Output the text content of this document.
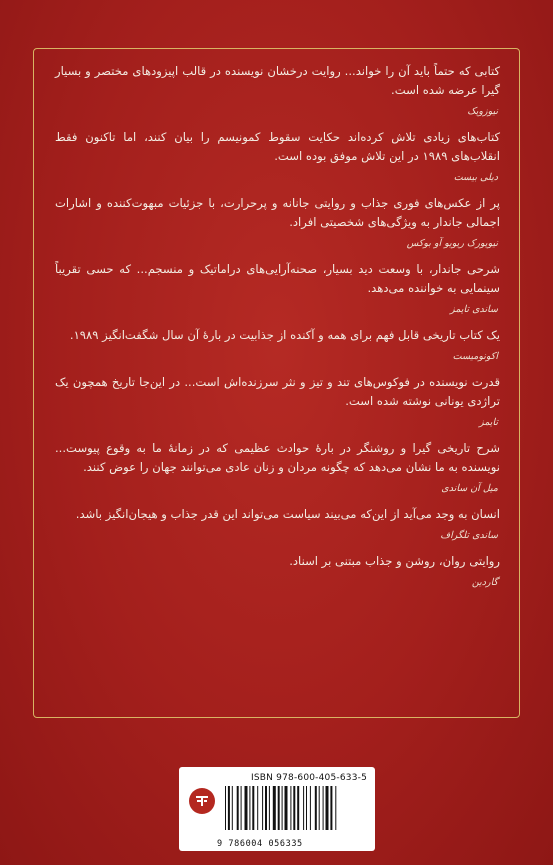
کتابی که حتماً باید آن را خواند... روایت درخشان نویسنده در قالب اپیزودهای مختصر و بسیار گیرا عرضه شده است.

نیوزویک

کتاب‌های زیادی تلاش کرده‌اند حکایت سقوط کمونیسم را بیان کنند، اما تاکنون فقط انقلاب‌های ۱۹۸۹ در این تلاش موفق بوده است.

دیلی بیست

پر از عکس‌های فوری جذاب و روایتی جانانه و پرحرارت، با جزئیات مبهوت‌کننده و اشارات اجمالی جاندار به ویژگی‌های شخصیتی افراد.

نیویورک ریویو آو بوکس

شرحی جاندار، با وسعت دید بسیار، صحنه‌آرایی‌های دراماتیک و منسجم... که حسی تقریباً سینمایی به خواننده می‌دهد.

ساندی تایمز

یک کتاب تاریخی قابل فهم برای همه و آکنده از جذابیت در بارهٔ آن سال شگفت‌انگیز ۱۹۸۹.

اکونومیست

قدرت نویسنده در فوکوس‌های تند و تیز و نثر سرزنده‌اش است... در این‌جا تاریخ همچون یک تراژدی یونانی نوشته شده است.

تایمز

شرح تاریخی گیرا و روشنگر در بارهٔ حوادث عظیمی که در زمانهٔ ما به وقوع پیوست... نویسنده به ما نشان می‌دهد که چگونه مردان و زنان عادی می‌توانند جهان را عوض کنند.

میل آن ساندی

انسان به وجد می‌آید از این‌که می‌بیند سیاست می‌تواند این قدر جذاب و هیجان‌انگیز باشد.

ساندی تلگراف

روایتی روان، روشن و جذاب مبتنی بر اسناد.

گاردین
ISBN 978-600-405-633-5
9 786004 056335
